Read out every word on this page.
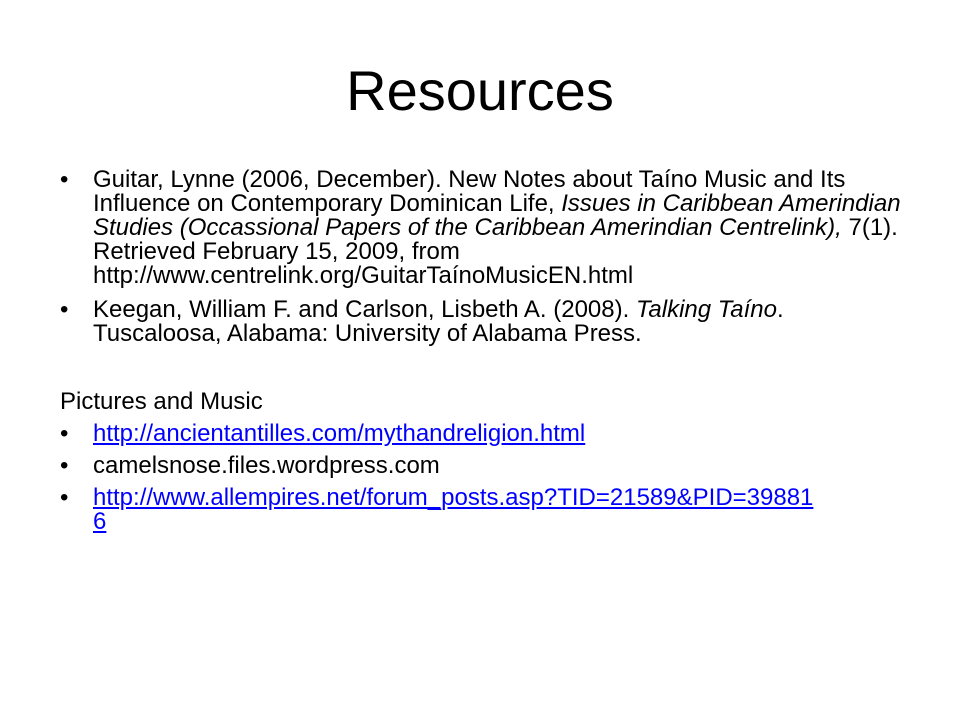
Resources
• Guitar, Lynne (2006, December). New Notes about Taíno Music and Its Influence on Contemporary Dominican Life, Issues in Caribbean Amerindian Studies (Occassional Papers of the Caribbean Amerindian Centrelink), 7(1). Retrieved February 15, 2009, from http://www.centrelink.org/GuitarTaínoMusicEN.html
• Keegan, William F. and Carlson, Lisbeth A. (2008). Talking Taíno. Tuscaloosa, Alabama: University of Alabama Press.
Pictures and Music
• http://ancientantilles.com/mythandreligion.html
• camelsnose.files.wordpress.com
• http://www.allempires.net/forum_posts.asp?TID=21589&PID=39881
6
